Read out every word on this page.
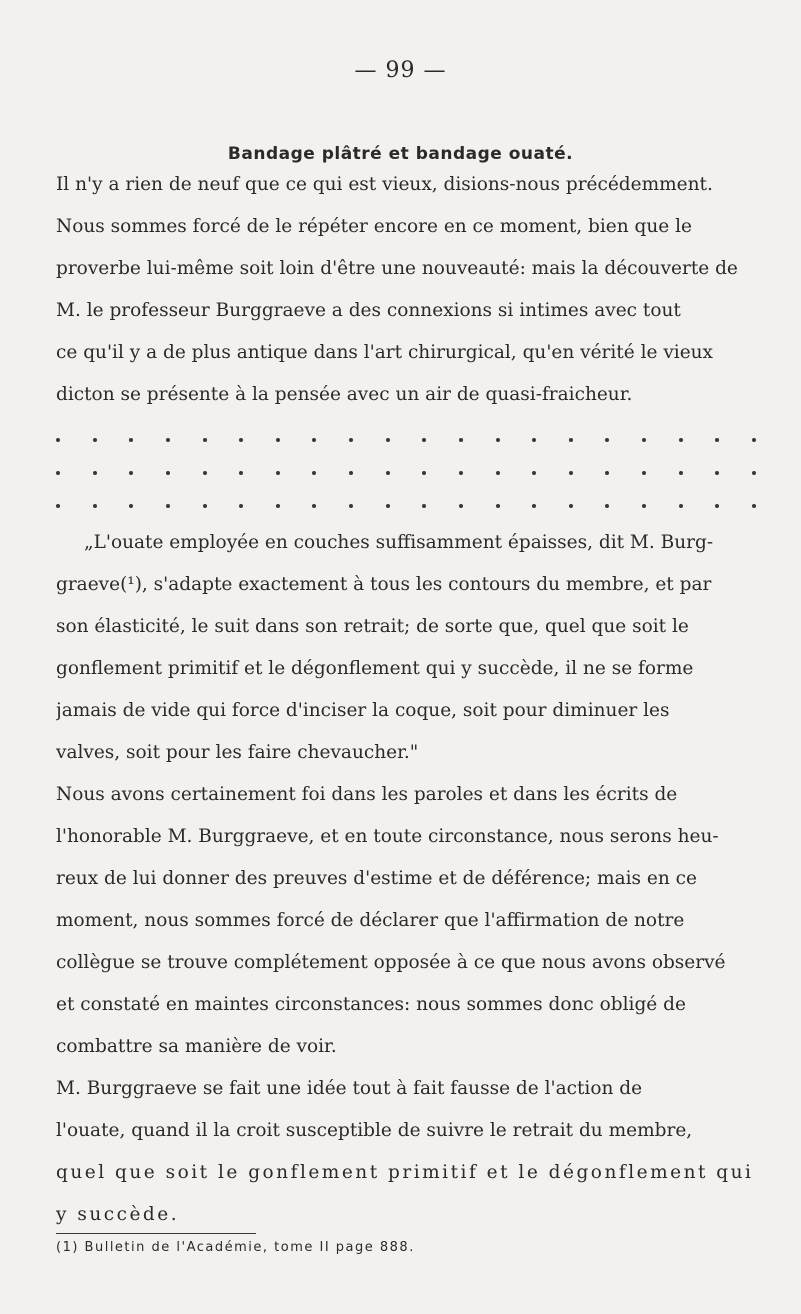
— 99 —
Bandage plâtré et bandage ouaté.

Il n'y a rien de neuf que ce qui est vieux, disions-nous précédemment.
Nous sommes forcé de le répéter encore en ce moment, bien que le
proverbe lui-même soit loin d'être une nouveauté: mais la découverte de
M. le professeur Burggraeve a des connexions si intimes avec tout
ce qu'il y a de plus antique dans l'art chirurgical, qu'en vérité le vieux
dicton se présente à la pensée avec un air de quasi-fraicheur.

„L'ouate employée en couches suffisamment épaisses, dit M. Burg-
graeve(¹), s'adapte exactement à tous les contours du membre, et par
son élasticité, le suit dans son retrait; de sorte que, quel que soit le
gonflement primitif et le dégonflement qui y succède, il ne se forme
jamais de vide qui force d'inciser la coque, soit pour diminuer les
valves, soit pour les faire chevaucher."

Nous avons certainement foi dans les paroles et dans les écrits de
l'honorable M. Burggraeve, et en toute circonstance, nous serons heu-
reux de lui donner des preuves d'estime et de déférence; mais en ce
moment, nous sommes forcé de déclarer que l'affirmation de notre
collègue se trouve complétement opposée à ce que nous avons observé
et constaté en maintes circonstances: nous sommes donc obligé de
combattre sa manière de voir.

M. Burggraeve se fait une idée tout à fait fausse de l'action de
l'ouate, quand il la croit susceptible de suivre le retrait du membre,
quel que soit le gonflement primitif et le dégonflement qui
y succède.

(1) Bulletin de l'Académie, tome II page 888.
